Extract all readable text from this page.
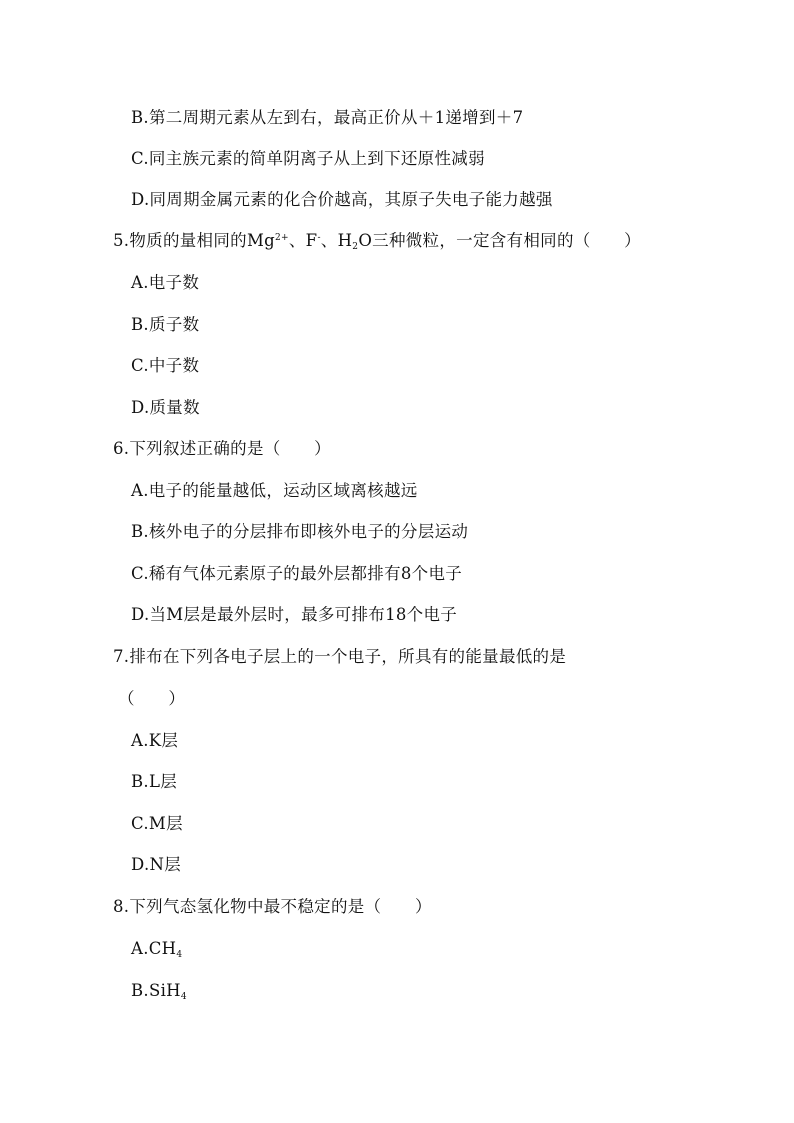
B.第二周期元素从左到右，最高正价从＋1递增到＋7
C.同主族元素的简单阴离子从上到下还原性减弱
D.同周期金属元素的化合价越高，其原子失电子能力越强
5.物质的量相同的$Mg^{2+}$、F-、$H_2O$三种微粒，一定含有相同的（　　）
A.电子数
B.质子数
C.中子数
D.质量数
6.下列叙述正确的是（　　）
A.电子的能量越低，运动区域离核越远
B.核外电子的分层排布即核外电子的分层运动
C.稀有气体元素原子的最外层都排有8个电子
D.当M层是最外层时，最多可排布18个电子
7.排布在下列各电子层上的一个电子，所具有的能量最低的是
（　　）
A.K层
B.L层
C.M层
D.N层
8.下列气态氢化物中最不稳定的是（　　）
$A.CH_4$
B.SiH$_4$
